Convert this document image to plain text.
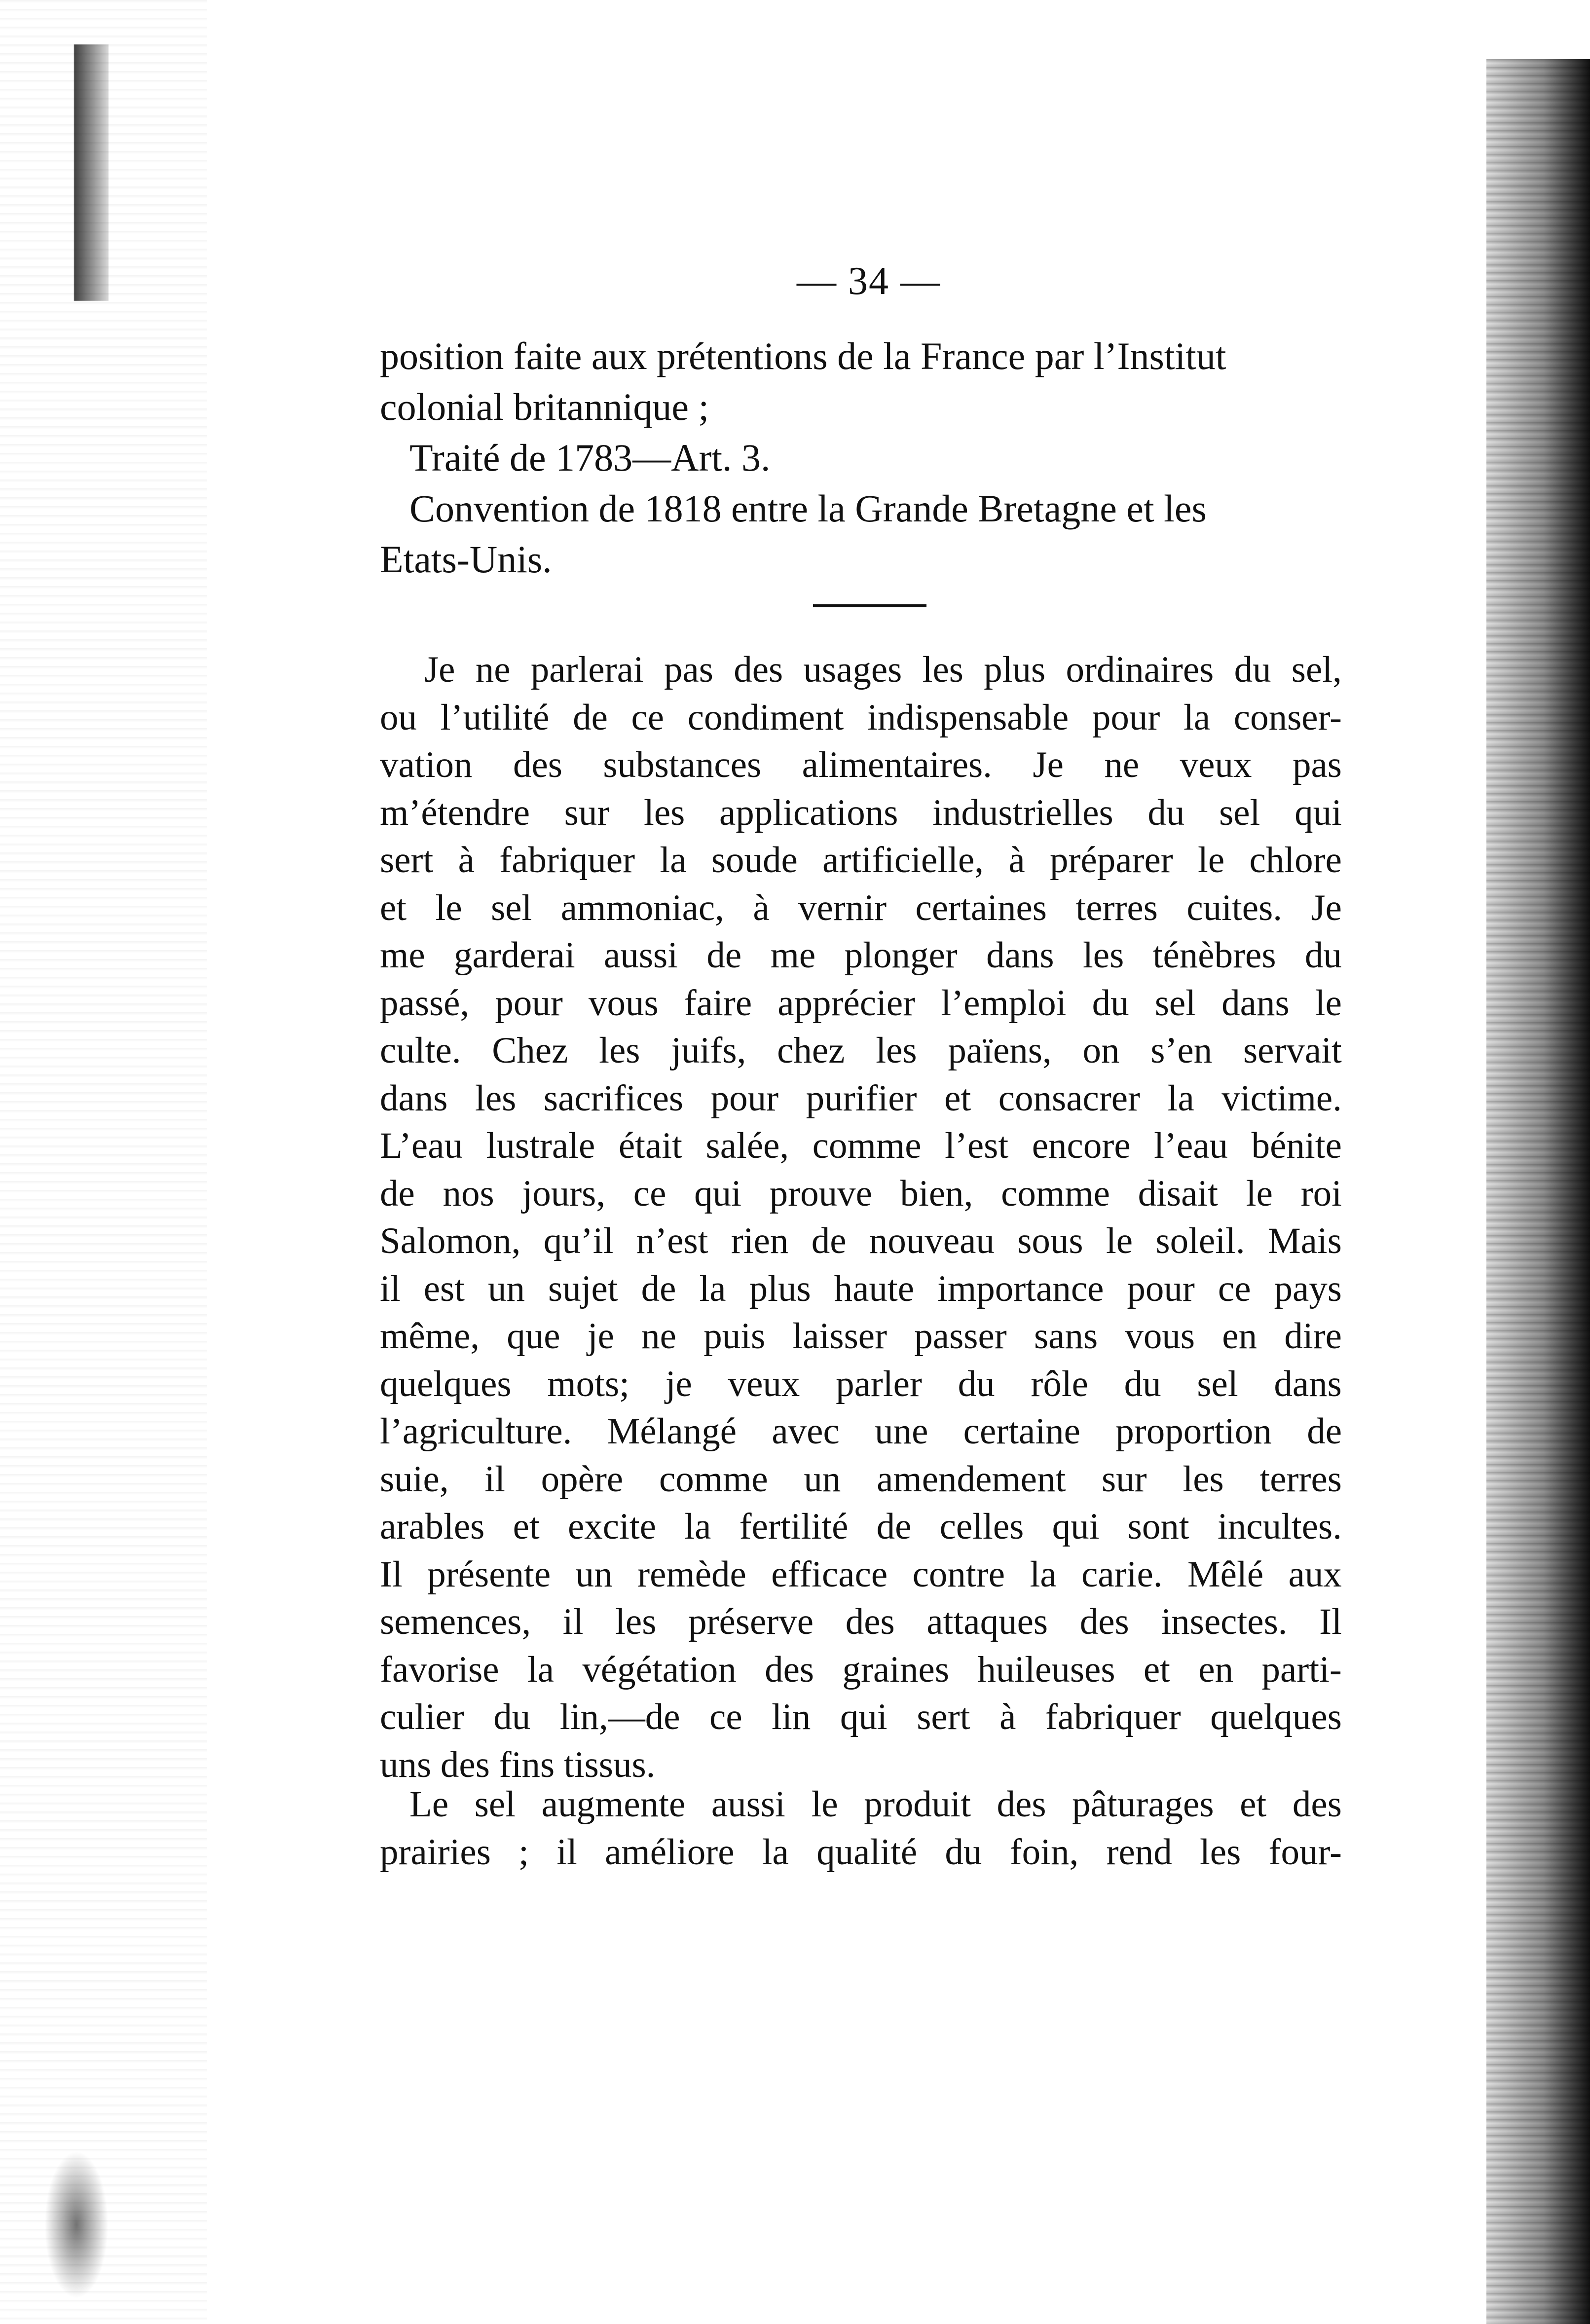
— 34 —

position faite aux prétentions de la France par l’Institut

colonial britannique ;

Traité de 1783—Art. 3.

Convention de 1818 entre la Grande Bretagne et les

Etats-Unis.

Je ne parlerai pas des usages les plus ordinaires du sel,

ou l’utilité de ce condiment indispensable pour la conser-

vation des substances alimentaires. Je ne veux pas

m’étendre sur les applications industrielles du sel qui

sert à fabriquer la soude artificielle, à préparer le chlore

et le sel ammoniac, à vernir certaines terres cuites. Je

me garderai aussi de me plonger dans les ténèbres du

passé, pour vous faire apprécier l’emploi du sel dans le

culte. Chez les juifs, chez les païens, on s’en servait

dans les sacrifices pour purifier et consacrer la victime.

L’eau lustrale était salée, comme l’est encore l’eau bénite

de nos jours, ce qui prouve bien, comme disait le roi

Salomon, qu’il n’est rien de nouveau sous le soleil. Mais

il est un sujet de la plus haute importance pour ce pays

même, que je ne puis laisser passer sans vous en dire

quelques mots; je veux parler du rôle du sel dans

l’agriculture. Mélangé avec une certaine proportion de

suie, il opère comme un amendement sur les terres

arables et excite la fertilité de celles qui sont incultes.

Il présente un remède efficace contre la carie. Mêlé aux

semences, il les préserve des attaques des insectes. Il

favorise la végétation des graines huileuses et en parti-

culier du lin,—de ce lin qui sert à fabriquer quelques

uns des fins tissus.

Le sel augmente aussi le produit des pâturages et des

prairies ; il améliore la qualité du foin, rend les four-
